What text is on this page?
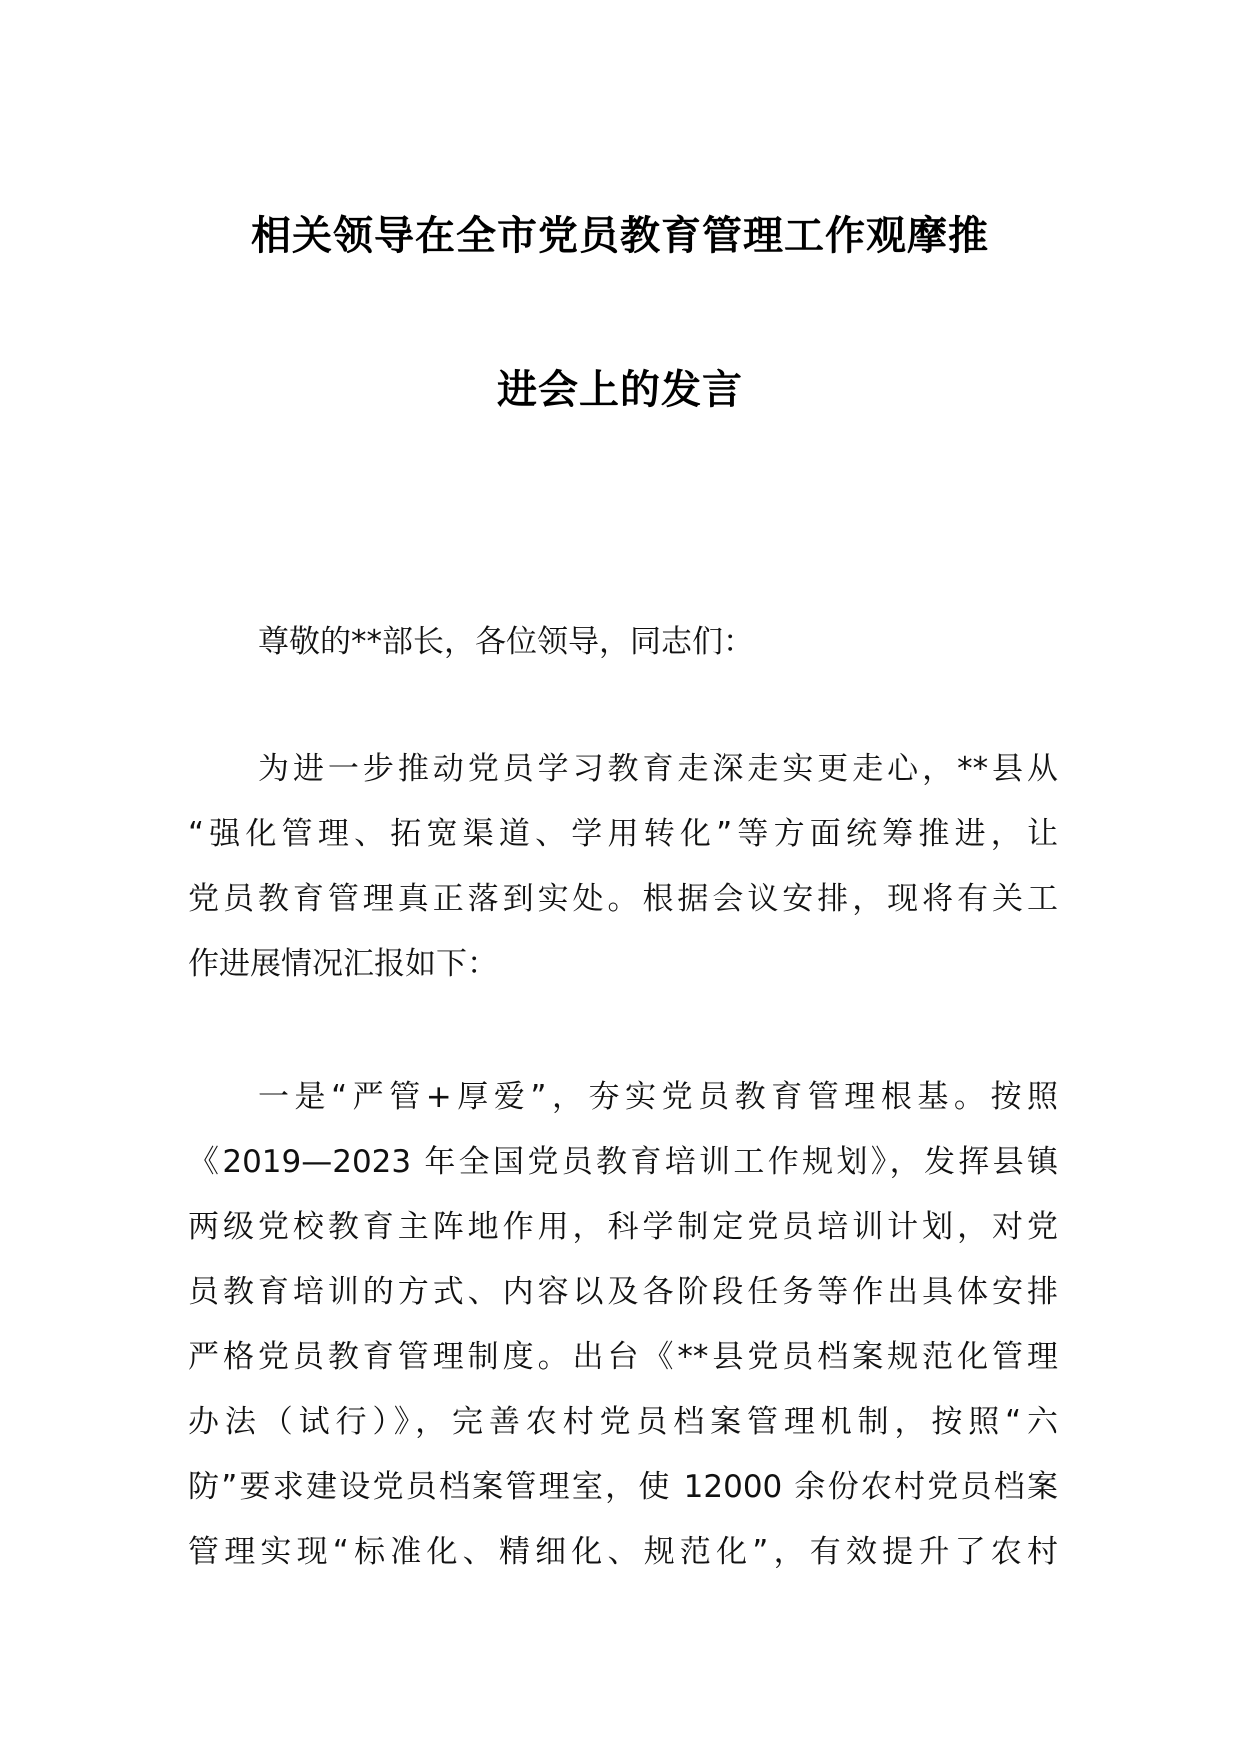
相关领导在全市党员教育管理工作观摩推
进会上的发言
尊敬的**部长，各位领导，同志们：
为进一步推动党员学习教育走深走实更走心，**县从
“强化管理、拓宽渠道、学用转化”等方面统筹推进，让
党员教育管理真正落到实处。根据会议安排，现将有关工
作进展情况汇报如下：
一是“严管+厚爱”，夯实党员教育管理根基。按照
《2019—2023 年全国党员教育培训工作规划》，发挥县镇
两级党校教育主阵地作用，科学制定党员培训计划，对党
员教育培训的方式、内容以及各阶段任务等作出具体安排
严格党员教育管理制度。出台《**县党员档案规范化管理
办法（试行）》，完善农村党员档案管理机制，按照“六
防”要求建设党员档案管理室，使 12000 余份农村党员档案
管理实现“标准化、精细化、规范化”，有效提升了农村
